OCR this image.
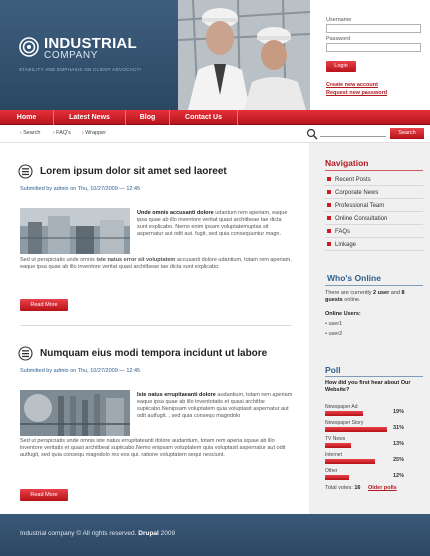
INDUSTRIAL
COMPANY
STABILITY AND EMPHASIS ON CLIENT ADVOCACY!
Username
Password
Login
Create new account
Request new password
Home	Latest News	Blog	Contact Us
› Search	› FAQ's › Wrapper	Search
Lorem ipsum dolor sit amet sed laoreet
Submitted by admin on Thu, 10/27/2009 — 12:45
Unde omnis accusanti dolore udantum rem aperiam, eaque ipsa quae ab illo inventore veritat quasi architbeae tae dicta sunt explicabo. Nemo enim ipsam voluptatemuptas sit aspernatur aut odit aut. fugit, sed quia consequuntur magn.
Sed ut perspiciatis unde omnis iste natus error sit voluptatem accusanti dolore udantium, totam rem aperiam, eaque ipsa quae ab illo inventore veritat quasi architbeae tae dicta sunt explicabo.
Read More
Numquam eius modi tempora incidunt ut labore
Submitted by admin on Thu, 10/27/2009 — 12:45
Iste natus errupitaeanti dolore audantium, totam rem aperiam eaque ipsa quae ab illo inventotatis et quasi architbe supiicabo.Nenipsam voluptatem quia voluptasit aspernatur aut odit autfugit. , sed quia consequ magndolo
Sed ut perspiciatis unde omnis iste natus errupitateanti dolore audantium, totam rem aperia squae ab illo inventore veritatis et quasi architbeat supiicabo.Nemo enipsam voluptatem quia voluptasit aspernatur aut odit autfugit, sed quia consequ magndolo res eos qui. ratione voluptatem sequi nesciunt.
Read More
Navigation
Recent Posts
Corporate News
Professional Team
Online Consultation
FAQs
Linkage
Who's Online
There are currently 2 user and 8 guests online.
Online Users:
• user1
• user2
Poll
How did you first hear about Our Website?
Newspaper Ad
19%
Newspaper Story
31%
TV News
13%
Internet
25%
Other
12%
Total votes: 16 Older polls
Industrial company © All rights reserved. Drupal 2009
